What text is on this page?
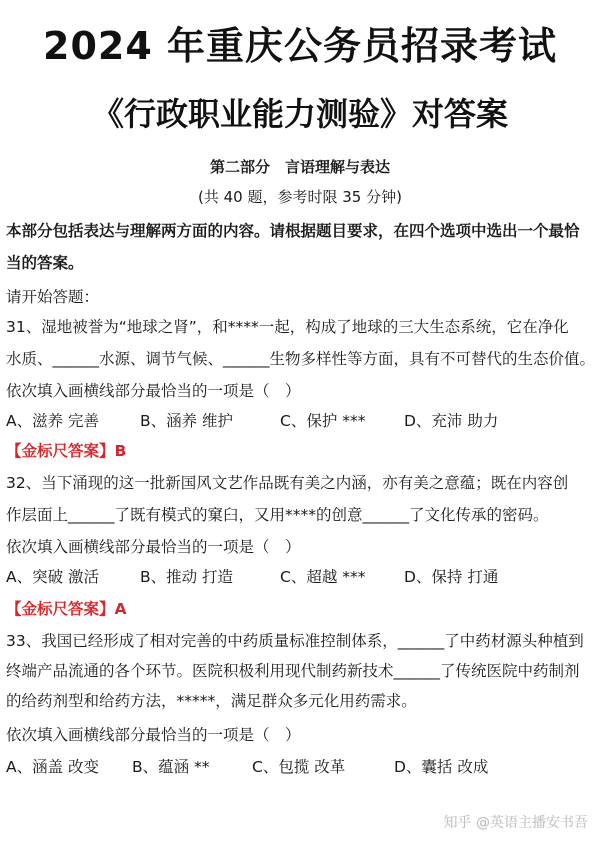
2024 年重庆公务员招录考试
《行政职业能力测验》对答案
第二部分　言语理解与表达
(共 40 题，参考时限 35 分钟)
本部分包括表达与理解两方面的内容。请根据题目要求，在四个选项中选出一个最恰
当的答案。
请开始答题：
31、湿地被誉为“地球之肾”，和****一起，构成了地球的三大生态系统，它在净化
水质、______水源、调节气候、______生物多样性等方面，具有不可替代的生态价值。
依次填入画横线部分最恰当的一项是（　）
A、滋养 完善	B、涵养 维护	C、保护 *** D、充沛 助力
【金标尺答案】B
32、当下涌现的这一批新国风文艺作品既有美之内涵，亦有美之意蕴；既在内容创
作层面上______了既有模式的窠臼，又用****的创意______了文化传承的密码。
依次填入画横线部分最恰当的一项是（　）
A、突破 激活	B、推动 打造	C、超越 *** D、保持 打通
【金标尺答案】A
33、我国已经形成了相对完善的中药质量标准控制体系，______了中药材源头种植到
终端产品流通的各个环节。医院积极利用现代制药新技术______了传统医院中药制剂
的给药剂型和给药方法，*****，满足群众多元化用药需求。
依次填入画横线部分最恰当的一项是（　）
A、涵盖 改变 B、蕴涵 **	C、包揽 改革	D、囊括 改成
知乎 @英语主播安书吾
